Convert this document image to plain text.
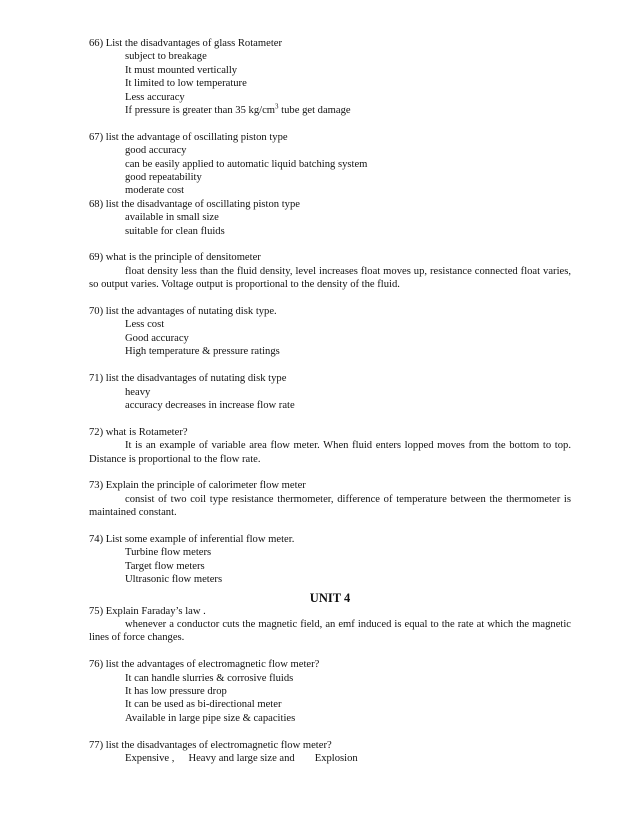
66) List the disadvantages of glass Rotameter
subject to breakage
It must mounted vertically
It limited to low temperature
Less accuracy
If pressure is greater than 35 $kg/cm^3$ tube get damage
67) list the advantage of oscillating piston type
good accuracy
can be easily applied to automatic liquid batching system
good repeatability
moderate cost
68) list the disadvantage of oscillating piston type
available in small size
suitable for clean fluids
69) what is the principle of densitometer
float density less than the fluid density, level increases float moves up, resistance connected float varies, so output varies. Voltage output is proportional to the density of the fluid.
70) list the advantages of nutating disk type.
Less cost
Good accuracy
High temperature & pressure ratings
71) list the disadvantages of nutating disk type
heavy
accuracy decreases in increase flow rate
72) what is Rotameter?
It is an example of variable area flow meter. When fluid enters lopped moves from the bottom to top. Distance is proportional to the flow rate.
73) Explain the principle of calorimeter flow meter
consist of two coil type resistance thermometer, difference of temperature between the thermometer is maintained constant.
74) List some example of inferential flow meter.
Turbine flow meters
Target flow meters
Ultrasonic flow meters
UNIT 4
75) Explain Faraday’s law .
whenever a conductor cuts the magnetic field, an emf induced is equal to the rate at which the magnetic lines of force changes.
76) list the advantages of electromagnetic flow meter?
It can handle slurries & corrosive fluids
It has low pressure drop
It can be used as bi-directional meter
Available in large pipe size & capacities
77) list the disadvantages of electromagnetic flow meter?
Expensive , Heavy and large size and Explosion
